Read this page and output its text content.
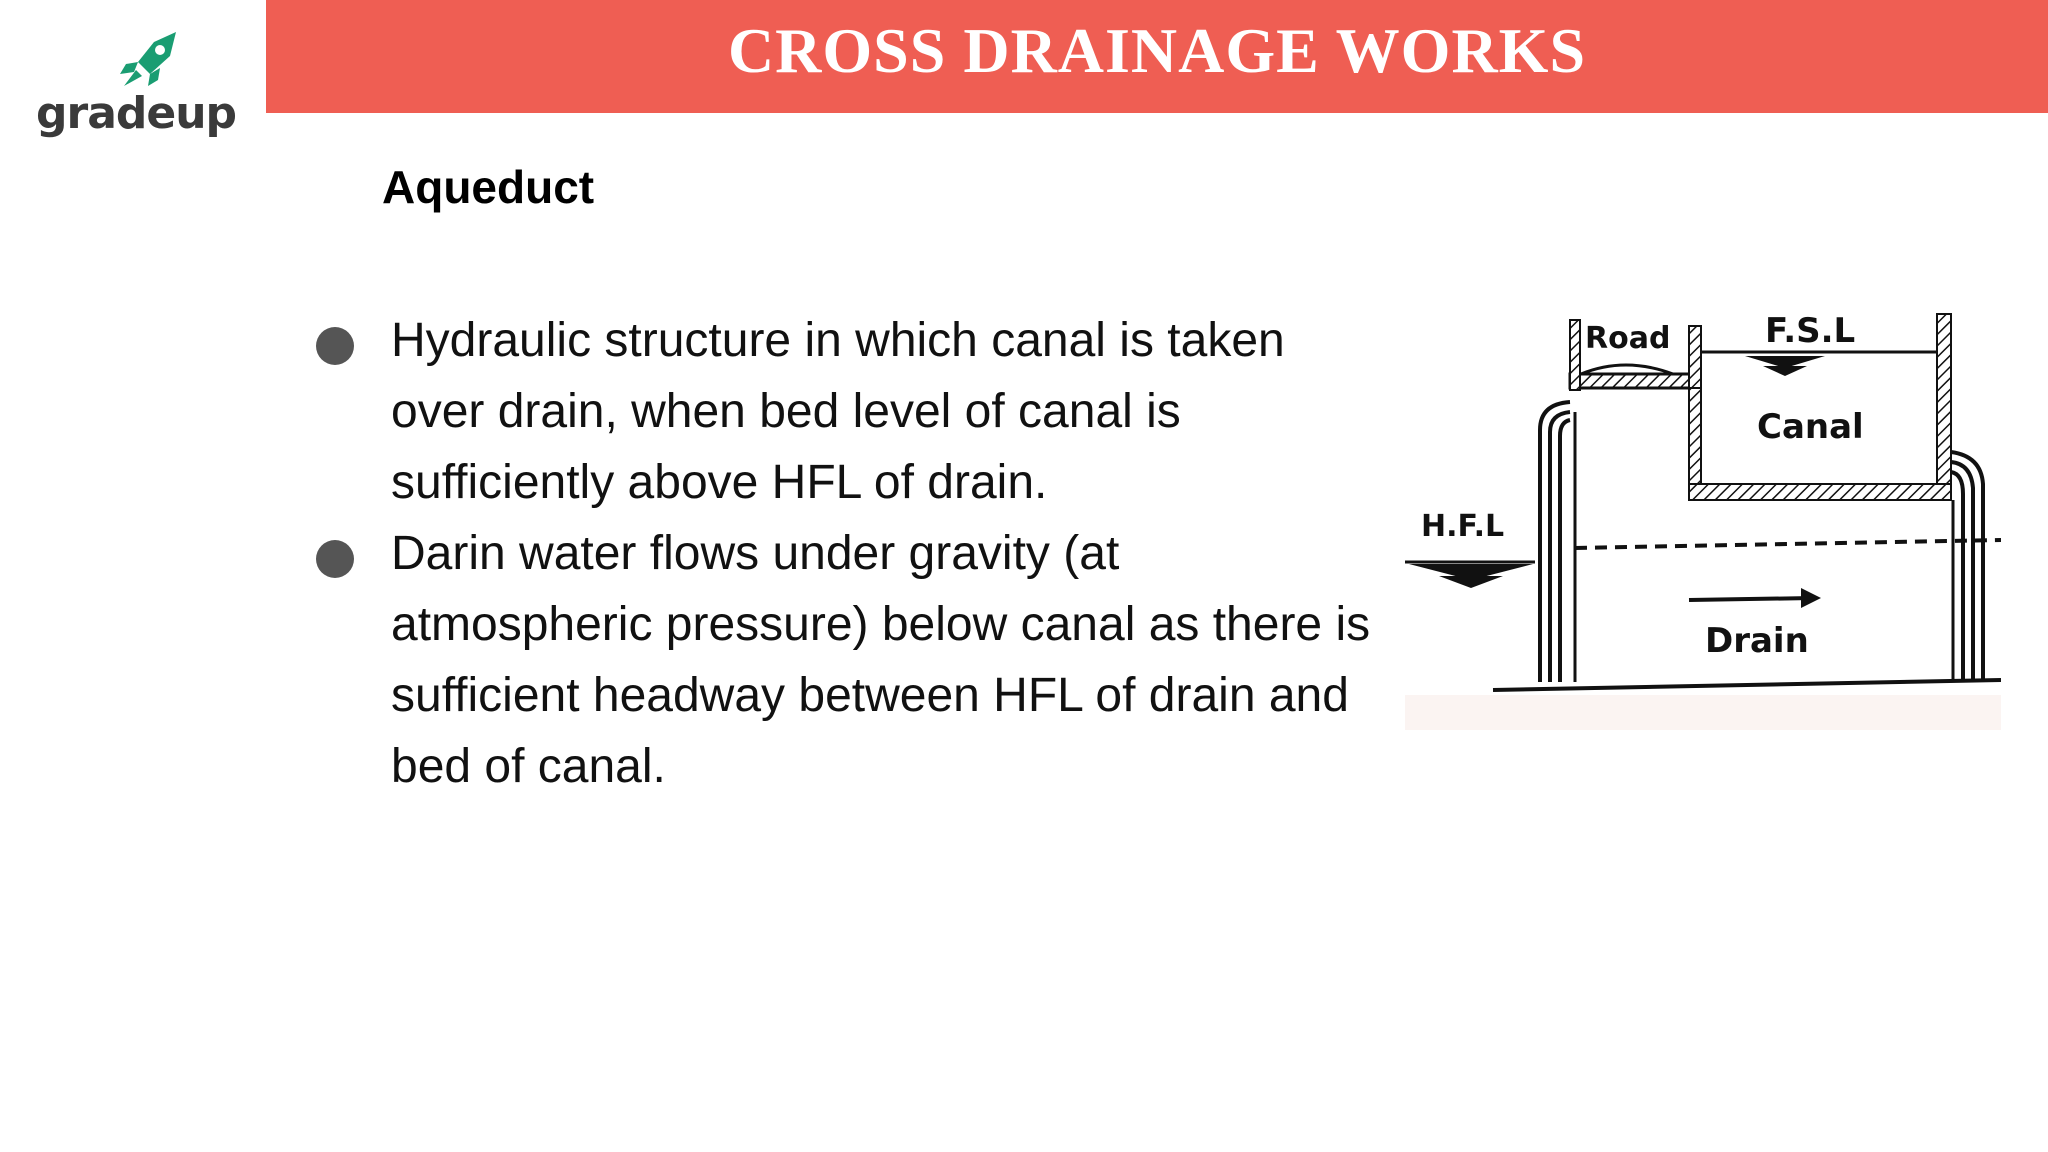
gradeup
CROSS DRAINAGE WORKS
Aqueduct
Hydraulic structure in which canal is taken over drain, when bed level of canal is sufficiently above HFL of drain.
Darin water flows under gravity (at atmospheric pressure) below canal as there is sufficient headway between HFL of drain and bed of canal.
Road	F.S.L
Canal
H.F.L
Drain
